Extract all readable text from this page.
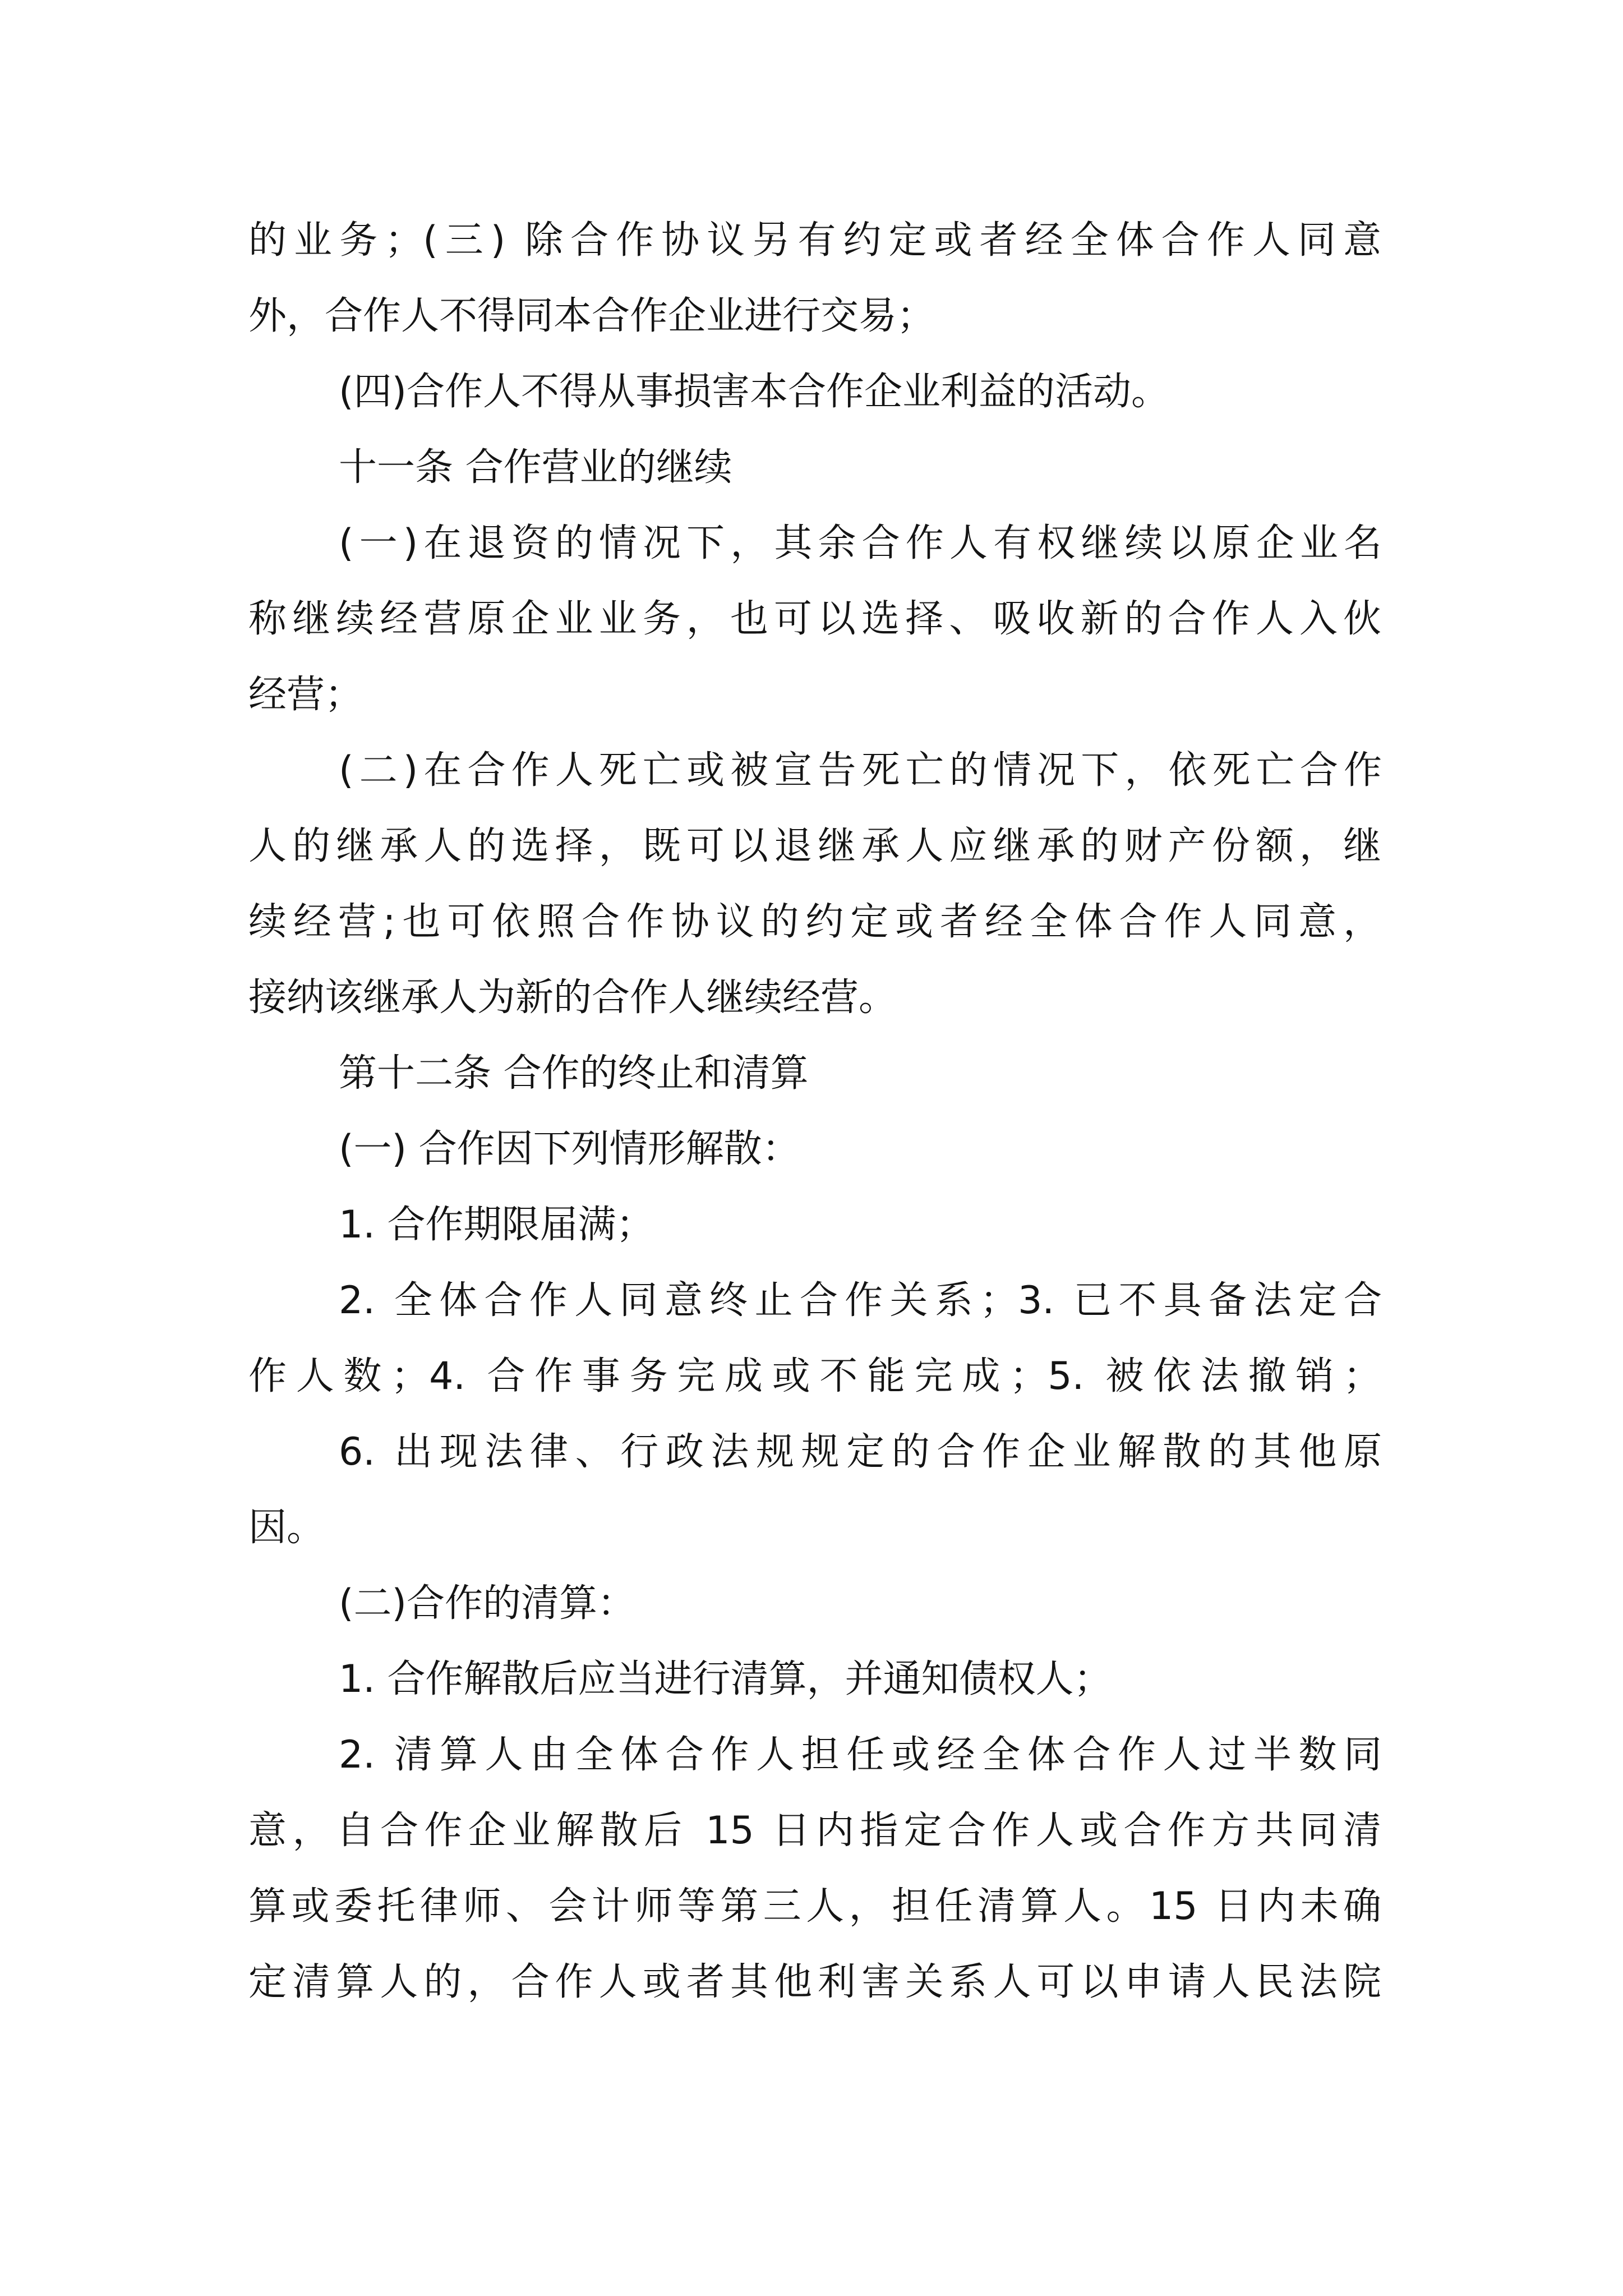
的业务；(三) 除合作协议另有约定或者经全体合作人同意
外，合作人不得同本合作企业进行交易；
(四)合作人不得从事损害本合作企业利益的活动。
十一条 合作营业的继续
(一)在退资的情况下，其余合作人有权继续以原企业名
称继续经营原企业业务，也可以选择、吸收新的合作人入伙
经营；
(二)在合作人死亡或被宣告死亡的情况下，依死亡合作
人的继承人的选择，既可以退继承人应继承的财产份额，继
续经营;也可依照合作协议的约定或者经全体合作人同意，
接纳该继承人为新的合作人继续经营。
第十二条 合作的终止和清算
(一) 合作因下列情形解散：
1. 合作期限届满；
2. 全体合作人同意终止合作关系；3. 已不具备法定合
作人数；4. 合作事务完成或不能完成；5. 被依法撤销；
6. 出现法律、行政法规规定的合作企业解散的其他原
因。
(二)合作的清算：
1. 合作解散后应当进行清算，并通知债权人；
2. 清算人由全体合作人担任或经全体合作人过半数同
意，自合作企业解散后 15 日内指定合作人或合作方共同清
算或委托律师、会计师等第三人，担任清算人。15 日内未确
定清算人的，合作人或者其他利害关系人可以申请人民法院
